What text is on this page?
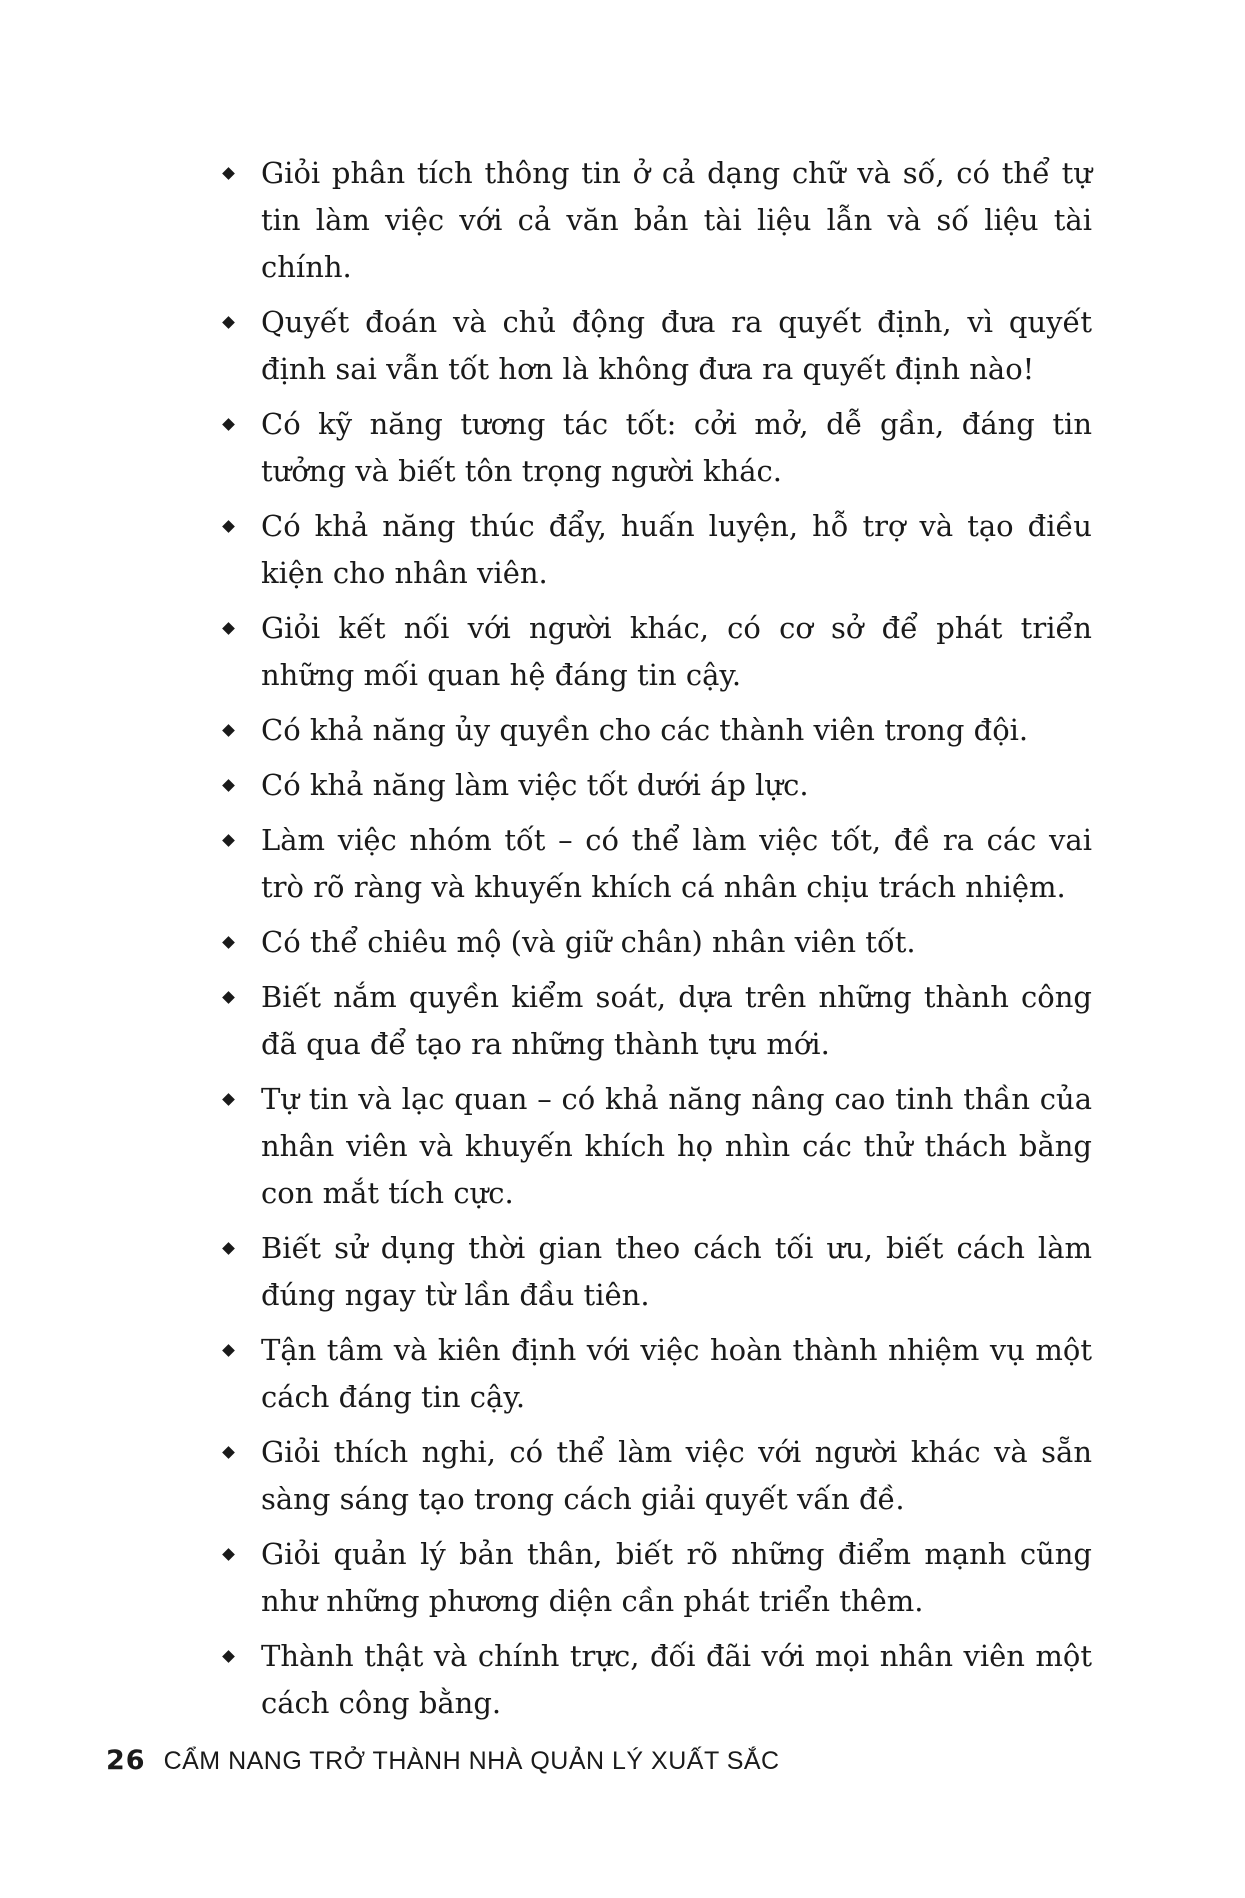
Giỏi phân tích thông tin ở cả dạng chữ và số, có thể tự tin làm việc với cả văn bản tài liệu lẫn và số liệu tài chính.
Quyết đoán và chủ động đưa ra quyết định, vì quyết định sai vẫn tốt hơn là không đưa ra quyết định nào!
Có kỹ năng tương tác tốt: cởi mở, dễ gần, đáng tin tưởng và biết tôn trọng người khác.
Có khả năng thúc đẩy, huấn luyện, hỗ trợ và tạo điều kiện cho nhân viên.
Giỏi kết nối với người khác, có cơ sở để phát triển những mối quan hệ đáng tin cậy.
Có khả năng ủy quyền cho các thành viên trong đội.
Có khả năng làm việc tốt dưới áp lực.
Làm việc nhóm tốt – có thể làm việc tốt, đề ra các vai trò rõ ràng và khuyến khích cá nhân chịu trách nhiệm.
Có thể chiêu mộ (và giữ chân) nhân viên tốt.
Biết nắm quyền kiểm soát, dựa trên những thành công đã qua để tạo ra những thành tựu mới.
Tự tin và lạc quan – có khả năng nâng cao tinh thần của nhân viên và khuyến khích họ nhìn các thử thách bằng con mắt tích cực.
Biết sử dụng thời gian theo cách tối ưu, biết cách làm đúng ngay từ lần đầu tiên.
Tận tâm và kiên định với việc hoàn thành nhiệm vụ một cách đáng tin cậy.
Giỏi thích nghi, có thể làm việc với người khác và sẵn sàng sáng tạo trong cách giải quyết vấn đề.
Giỏi quản lý bản thân, biết rõ những điểm mạnh cũng như những phương diện cần phát triển thêm.
Thành thật và chính trực, đối đãi với mọi nhân viên một cách công bằng.
26 CẨM NANG TRỞ THÀNH NHÀ QUẢN LÝ XUẤT SẮC
